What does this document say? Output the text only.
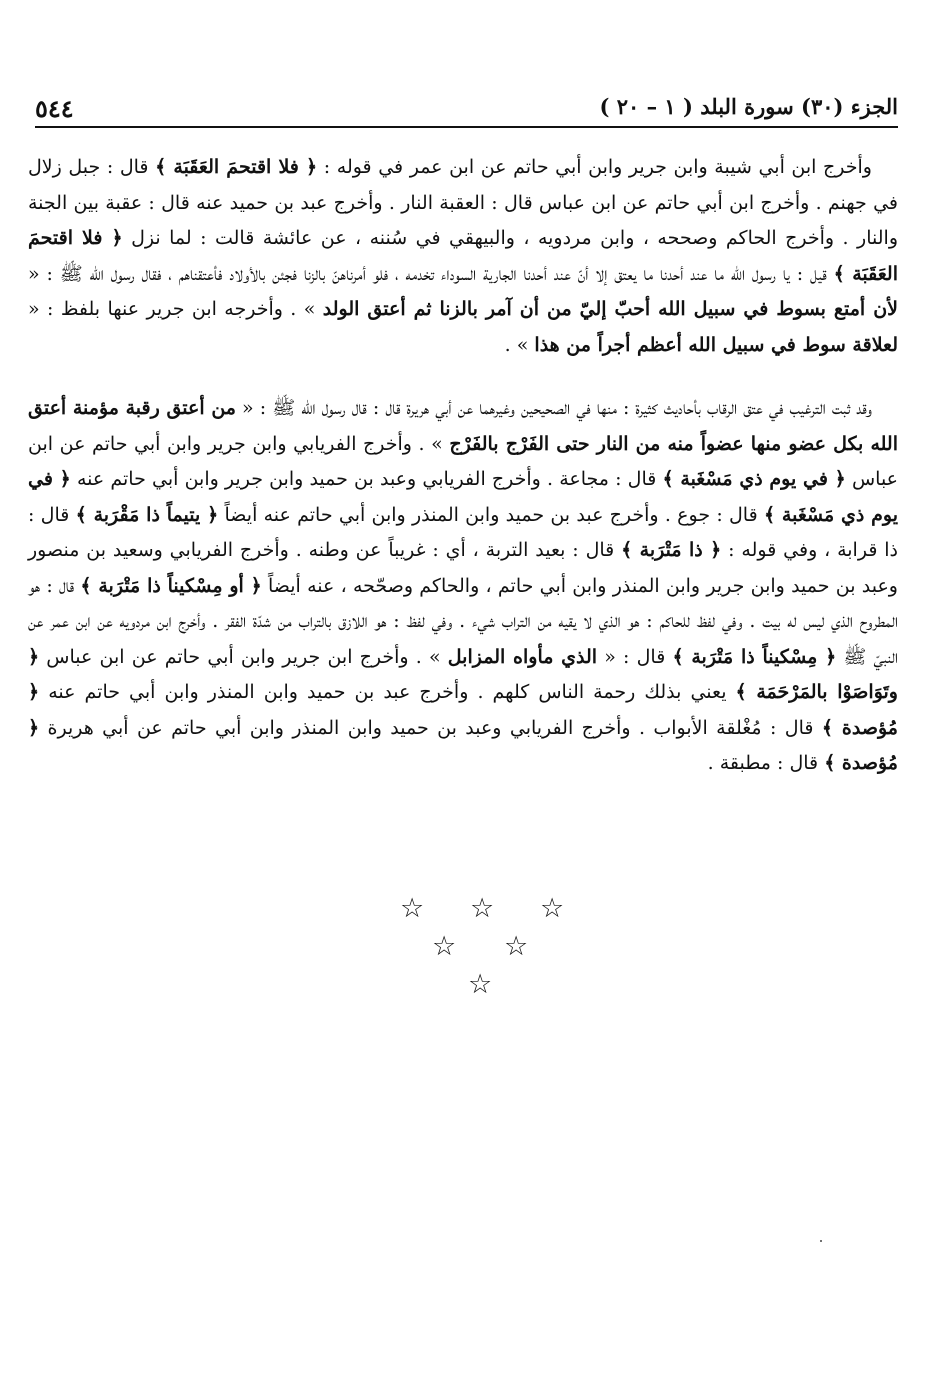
٥٤٤	الجزء (٣٠) سورة البلد ( ١ – ٢٠ )

وأخرج ابن أبي شيبة وابن جرير وابن أبي حاتم عن ابن عمر في قوله : ﴿ فلا اقتحمَ العَقَبَة ﴾ قال : جبل زلال في جهنم . وأخرج ابن أبي حاتم عن ابن عباس قال : العقبة النار . وأخرج عبد بن حميد عنه قال : عقبة بين الجنة والنار . وأخرج الحاكم وصححه ، وابن مردويه ، والبيهقي في سُننه ، عن عائشة قالت : لما نزل ﴿ فلا اقتحمَ العَقَبَة ﴾ قيل : يا رسول الله ما عند أحدنا ما يعتق إلا أنّ عند أحدنا الجارية السوداء تخدمه ، فلو أمرناهنّ بالزنا فجئن بالأولاد فأعتقناهم ، فقال رسول الله ﷺ : « لأن أمتع بسوط في سبيل الله أحبّ إليّ من أن آمر بالزنا ثم أعتق الولد » . وأخرجه ابن جرير عنها بلفظ : « لعلاقة سوط في سبيل الله أعظم أجراً من هذا » .

وقد ثبت الترغيب في عتق الرقاب بأحاديث كثيرة : منها في الصحيحين وغيرهما عن أبي هريرة قال : قال رسول الله ﷺ : « من أعتق رقبة مؤمنة أعتق الله بكل عضو منها عضواً منه من النار حتى الفَرْج بالفَرْج » . وأخرج الفريابي وابن جرير وابن أبي حاتم عن ابن عباس ﴿ في يوم ذي مَسْغَبة ﴾ قال : مجاعة . وأخرج الفريابي وعبد بن حميد وابن جرير وابن أبي حاتم عنه ﴿ في يوم ذي مَسْغَبة ﴾ قال : جوع . وأخرج عبد بن حميد وابن المنذر وابن أبي حاتم عنه أيضاً ﴿ يتيماً ذا مَقْرَبة ﴾ قال : ذا قرابة ، وفي قوله : ﴿ ذا مَتْرَبة ﴾ قال : بعيد التربة ، أي : غريباً عن وطنه . وأخرج الفريابي وسعيد بن منصور وعبد بن حميد وابن جرير وابن المنذر وابن أبي حاتم ، والحاكم وصحّحه ، عنه أيضاً ﴿ أو مِسْكيناً ذا مَتْرَبة ﴾ قال : هو المطروح الذي ليس له بيت . وفي لفظ للحاكم : هو الذي لا يقيه من التراب شيء . وفي لفظ : هو اللازق بالتراب من شدّة الفقر . وأخرج ابن مردويه عن ابن عمر عن النبيّ ﷺ ﴿ مِسْكيناً ذا مَتْرَبة ﴾ قال : « الذي مأواه المزابل » . وأخرج ابن جرير وابن أبي حاتم عن ابن عباس ﴿ وتَوَاصَوْا بالمَرْحَمَة ﴾ يعني بذلك رحمة الناس كلهم . وأخرج عبد بن حميد وابن المنذر وابن أبي حاتم عنه ﴿ مُؤصدة ﴾ قال : مُغْلقة الأبواب . وأخرج الفريابي وعبد بن حميد وابن المنذر وابن أبي حاتم عن أبي هريرة ﴿ مُؤصدة ﴾ قال : مطبقة .

☆ ☆ ☆
☆ ☆
☆
